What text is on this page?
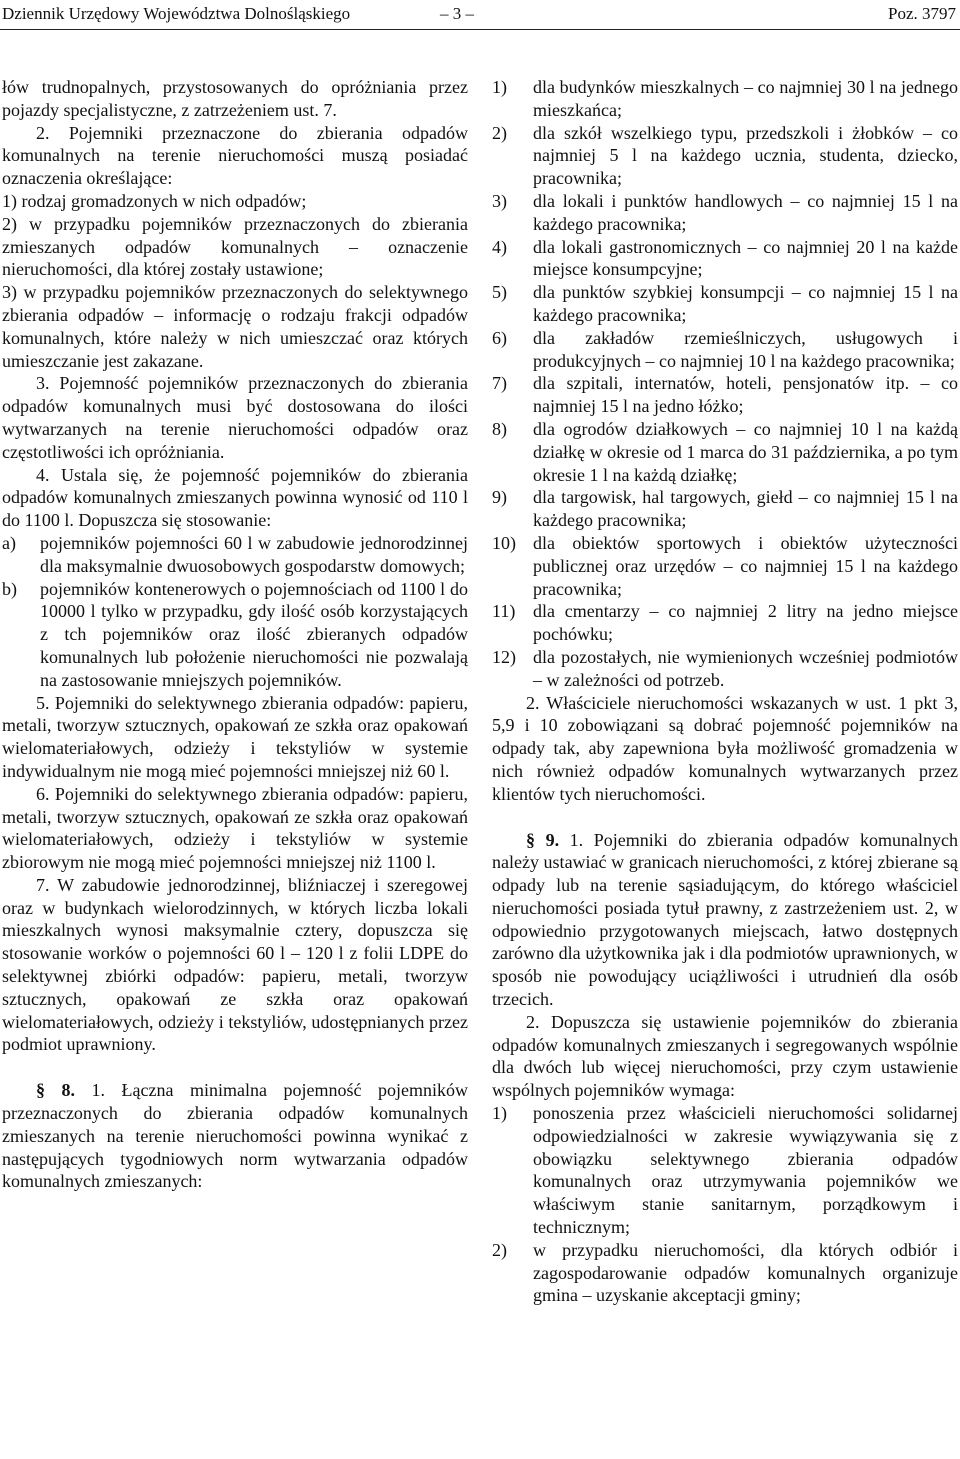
Dziennik Urzędowy Województwa Dolnośląskiego	– 3 –	Poz. 3797

łów trudnopalnych, przystosowanych do opróżniania przez pojazdy specjalistyczne, z zatrzeżeniem ust. 7.

2. Pojemniki przeznaczone do zbierania odpadów komunalnych na terenie nieruchomości muszą posiadać oznaczenia określające:

1) rodzaj gromadzonych w nich odpadów;

2) w przypadku pojemników przeznaczonych do zbierania zmieszanych odpadów komunalnych – oznaczenie nieruchomości, dla której zostały ustawione;

3) w przypadku pojemników przeznaczonych do selektywnego zbierania odpadów – informację o rodzaju frakcji odpadów komunalnych, które należy w nich umieszczać oraz których umieszczanie jest zakazane.

3. Pojemność pojemników przeznaczonych do zbierania odpadów komunalnych musi być dostosowana do ilości wytwarzanych na terenie nieruchomości odpadów oraz częstotliwości ich opróżniania.

4. Ustala się, że pojemność pojemników do zbierania odpadów komunalnych zmieszanych powinna wynosić od 110 l do 1100 l. Dopuszcza się stosowanie:

a)	pojemników pojemności 60 l w zabudowie jednorodzinnej dla maksymalnie dwuosobowych gospodarstw domowych;
b)	pojemników kontenerowych o pojemnościach od 1100 l do 10000 l tylko w przypadku, gdy ilość osób korzystających z tch pojemników oraz ilość zbieranych odpadów komunalnych lub położenie nieruchomości nie pozwalają na zastosowanie mniejszych pojemników.

5. Pojemniki do selektywnego zbierania odpadów: papieru, metali, tworzyw sztucznych, opakowań ze szkła oraz opakowań wielomateriałowych, odzieży i tekstyliów w systemie indywidualnym nie mogą mieć pojemności mniejszej niż 60 l.

6. Pojemniki do selektywnego zbierania odpadów: papieru, metali, tworzyw sztucznych, opakowań ze szkła oraz opakowań wielomateriałowych, odzieży i tekstyliów w systemie zbiorowym nie mogą mieć pojemności mniejszej niż 1100 l.

7. W zabudowie jednorodzinnej, bliźniaczej i szeregowej oraz w budynkach wielorodzinnych, w których liczba lokali mieszkalnych wynosi maksymalnie cztery, dopuszcza się stosowanie worków o pojemności 60 l – 120 l z folii LDPE do selektywnej zbiórki odpadów: papieru, metali, tworzyw sztucznych, opakowań ze szkła oraz opakowań wielomateriałowych, odzieży i tekstyliów, udostępnianych przez podmiot uprawniony.

§ 8. 1. Łączna minimalna pojemność pojemników przeznaczonych do zbierania odpadów komunalnych zmieszanych na terenie nieruchomości powinna wynikać z następujących tygodniowych norm wytwarzania odpadów komunalnych zmieszanych:

1)	dla budynków mieszkalnych – co najmniej 30 l na jednego mieszkańca;
2)	dla szkół wszelkiego typu, przedszkoli i żłobków – co najmniej 5 l na każdego ucznia, studenta, dziecko, pracownika;
3)	dla lokali i punktów handlowych – co najmniej 15 l na każdego pracownika;
4)	dla lokali gastronomicznych – co najmniej 20 l na każde miejsce konsumpcyjne;
5)	dla punktów szybkiej konsumpcji – co najmniej 15 l na każdego pracownika;
6)	dla zakładów rzemieślniczych, usługowych i produkcyjnych – co najmniej 10 l na każdego pracownika;
7)	dla szpitali, internatów, hoteli, pensjonatów itp. – co najmniej 15 l na jedno łóżko;
8)	dla ogrodów działkowych – co najmniej 10 l na każdą działkę w okresie od 1 marca do 31 października, a po tym okresie 1 l na każdą działkę;
9)	dla targowisk, hal targowych, giełd – co najmniej 15 l na każdego pracownika;
10) dla obiektów sportowych i obiektów użyteczności publicznej oraz urzędów – co najmniej 15 l na każdego pracownika;
11) dla cmentarzy – co najmniej 2 litry na jedno miejsce pochówku;
12) dla pozostałych, nie wymienionych wcześniej podmiotów – w zależności od potrzeb.

2. Właściciele nieruchomości wskazanych w ust. 1 pkt 3, 5,9 i 10 zobowiązani są dobrać pojemność pojemników na odpady tak, aby zapewniona była możliwość gromadzenia w nich również odpadów komunalnych wytwarzanych przez klientów tych nieruchomości.

§ 9. 1. Pojemniki do zbierania odpadów komunalnych należy ustawiać w granicach nieruchomości, z której zbierane są odpady lub na terenie sąsiadującym, do którego właściciel nieruchomości posiada tytuł prawny, z zastrzeżeniem ust. 2, w odpowiednio przygotowanych miejscach, łatwo dostępnych zarówno dla użytkownika jak i dla podmiotów uprawnionych, w sposób nie powodujący uciążliwości i utrudnień dla osób trzecich.

2. Dopuszcza się ustawienie pojemników do zbierania odpadów komunalnych zmieszanych i segregowanych wspólnie dla dwóch lub więcej nieruchomości, przy czym ustawienie wspólnych pojemników wymaga:

1)	ponoszenia przez właścicieli nieruchomości solidarnej odpowiedzialności w zakresie wywiązywania się z obowiązku selektywnego zbierania odpadów komunalnych oraz utrzymywania pojemników we właściwym stanie sanitarnym, porządkowym i technicznym;
2)	w przypadku nieruchomości, dla których odbiór i zagospodarowanie odpadów komunalnych organizuje gmina – uzyskanie akceptacji gminy;
